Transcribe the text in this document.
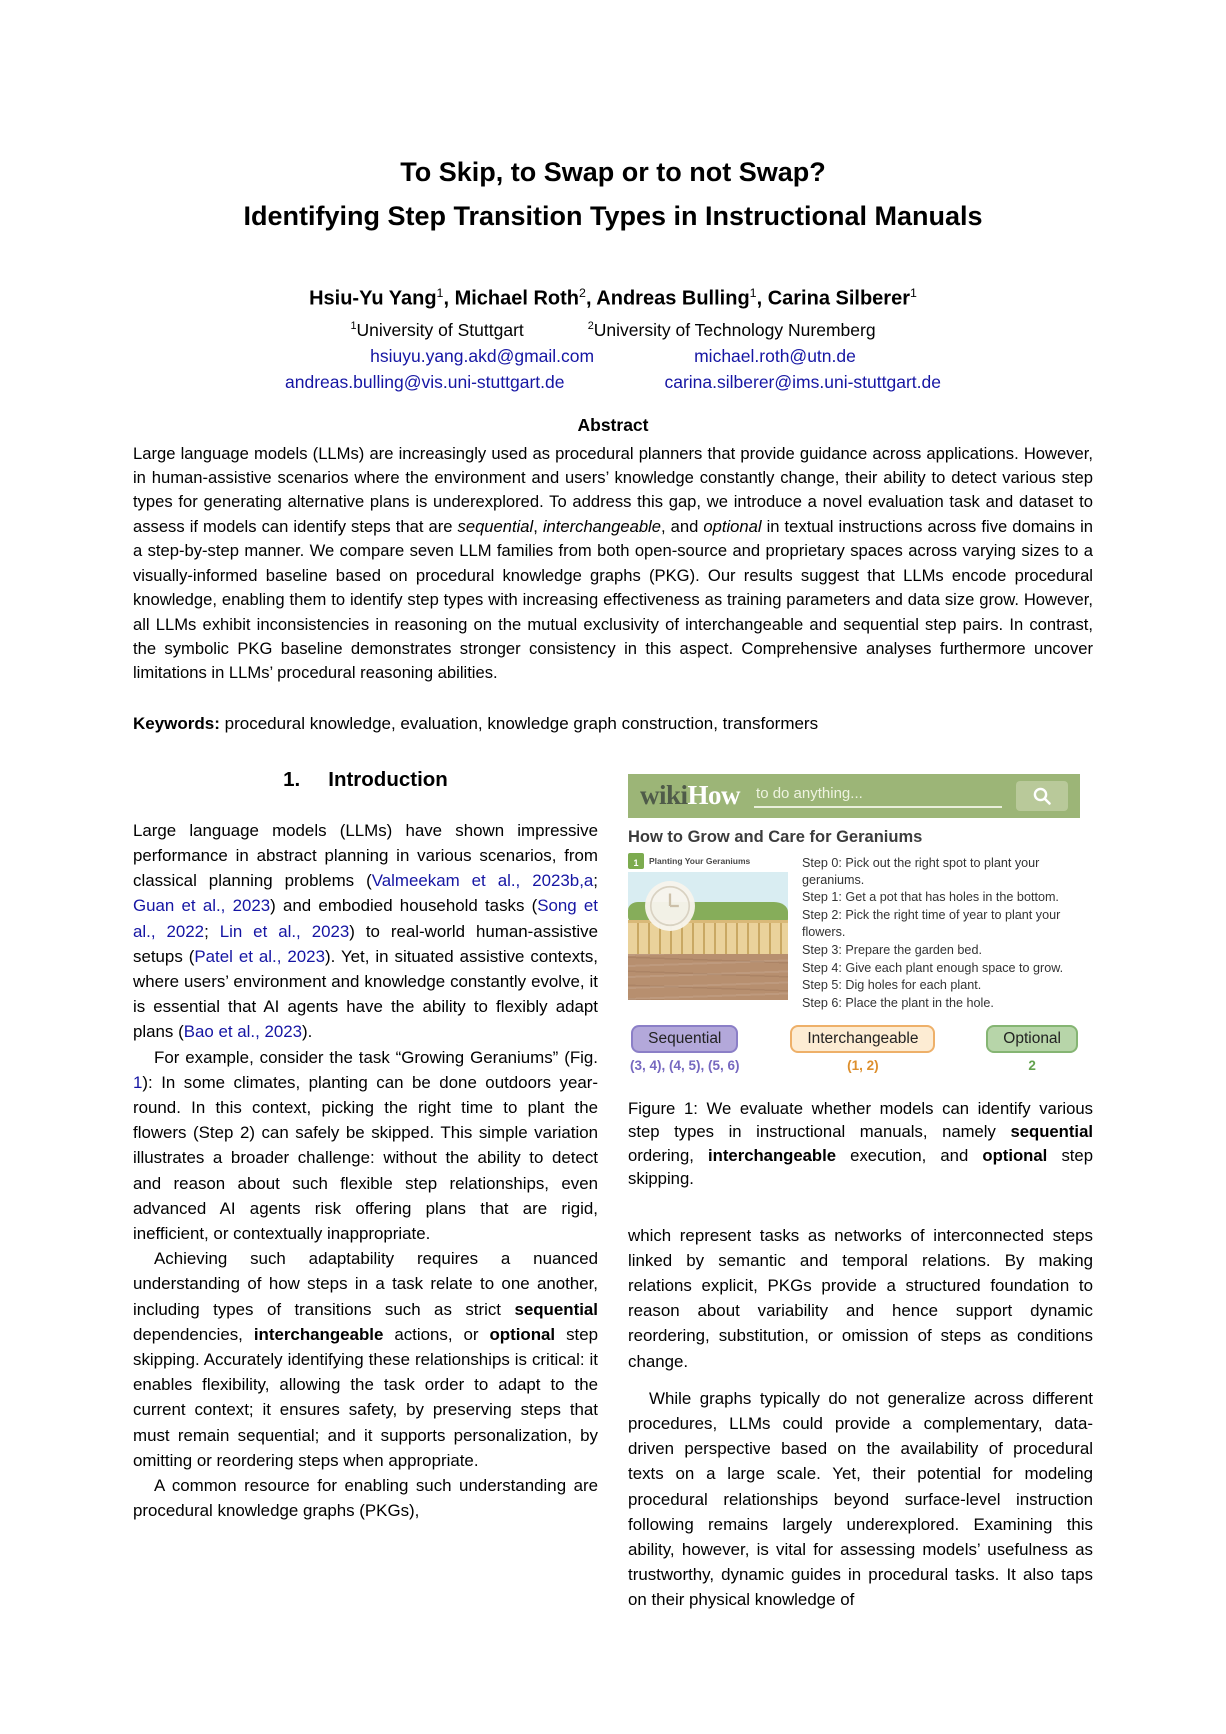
To Skip, to Swap or to not Swap?
Identifying Step Transition Types in Instructional Manuals
Hsiu-Yu Yang$^1$, Michael Roth$^2$, Andreas Bulling$^1$, Carina Silberer$^1$
$^1$University of Stuttgart	$^2$University of Technology Nuremberg
hsiuyu.yang.akd@gmail.com	michael.roth@utn.de
andreas.bulling@vis.uni-stuttgart.de	carina.silberer@ims.uni-stuttgart.de
Abstract
Large language models (LLMs) are increasingly used as procedural planners that provide guidance across applications. However, in human-assistive scenarios where the environment and users’ knowledge constantly change, their ability to detect various step types for generating alternative plans is underexplored. To address this gap, we introduce a novel evaluation task and dataset to assess if models can identify steps that are sequential, interchangeable, and optional in textual instructions across five domains in a step-by-step manner. We compare seven LLM families from both open-source and proprietary spaces across varying sizes to a visually-informed baseline based on procedural knowledge graphs (PKG). Our results suggest that LLMs encode procedural knowledge, enabling them to identify step types with increasing effectiveness as training parameters and data size grow. However, all LLMs exhibit inconsistencies in reasoning on the mutual exclusivity of interchangeable and sequential step pairs. In contrast, the symbolic PKG baseline demonstrates stronger consistency in this aspect. Comprehensive analyses furthermore uncover limitations in LLMs’ procedural reasoning abilities.
Keywords: procedural knowledge, evaluation, knowledge graph construction, transformers
1. Introduction

Large language models (LLMs) have shown impressive performance in abstract planning in various scenarios, from classical planning problems (Valmeekam et al., 2023b,a; Guan et al., 2023) and embodied household tasks (Song et al., 2022; Lin et al., 2023) to real-world human-assistive setups (Patel et al., 2023). Yet, in situated assistive contexts, where users’ environment and knowledge constantly evolve, it is essential that AI agents have the ability to flexibly adapt plans (Bao et al., 2023).

For example, consider the task “Growing Geraniums” (Fig. 1): In some climates, planting can be done outdoors year-round. In this context, picking the right time to plant the flowers (Step 2) can safely be skipped. This simple variation illustrates a broader challenge: without the ability to detect and reason about such flexible step relationships, even advanced AI agents risk offering plans that are rigid, inefficient, or contextually inappropriate.

Achieving such adaptability requires a nuanced understanding of how steps in a task relate to one another, including types of transitions such as strict sequential dependencies, interchangeable actions, or optional step skipping. Accurately identifying these relationships is critical: it enables flexibility, allowing the task order to adapt to the current context; it ensures safety, by preserving steps that must remain sequential; and it supports personalization, by omitting or reordering steps when appropriate.

A common resource for enabling such understanding are procedural knowledge graphs (PKGs),

wikiHow
to do anything...
How to Grow and Care for Geraniums
1	Planting Your Geraniums	Step 0: Pick out the right spot to plant your geraniums.
Step 1: Get a pot that has holes in the bottom.
Step 2: Pick the right time of year to plant your flowers.
Step 3: Prepare the garden bed.
Step 4: Give each plant enough space to grow.
Step 5: Dig holes for each plant.
Step 6: Place the plant in the hole.
Sequential
(3, 4), (4, 5), (5, 6)
Interchangeable
(1, 2)
Optional
2
Figure 1: We evaluate whether models can identify various step types in instructional manuals, namely sequential ordering, interchangeable execution, and optional step skipping.

which represent tasks as networks of interconnected steps linked by semantic and temporal relations. By making relations explicit, PKGs provide a structured foundation to reason about variability and hence support dynamic reordering, substitution, or omission of steps as conditions change.

While graphs typically do not generalize across different procedures, LLMs could provide a complementary, data-driven perspective based on the availability of procedural texts on a large scale. Yet, their potential for modeling procedural relationships beyond surface-level instruction following remains largely underexplored. Examining this ability, however, is vital for assessing models’ usefulness as trustworthy, dynamic guides in procedural tasks. It also taps on their physical knowledge of
